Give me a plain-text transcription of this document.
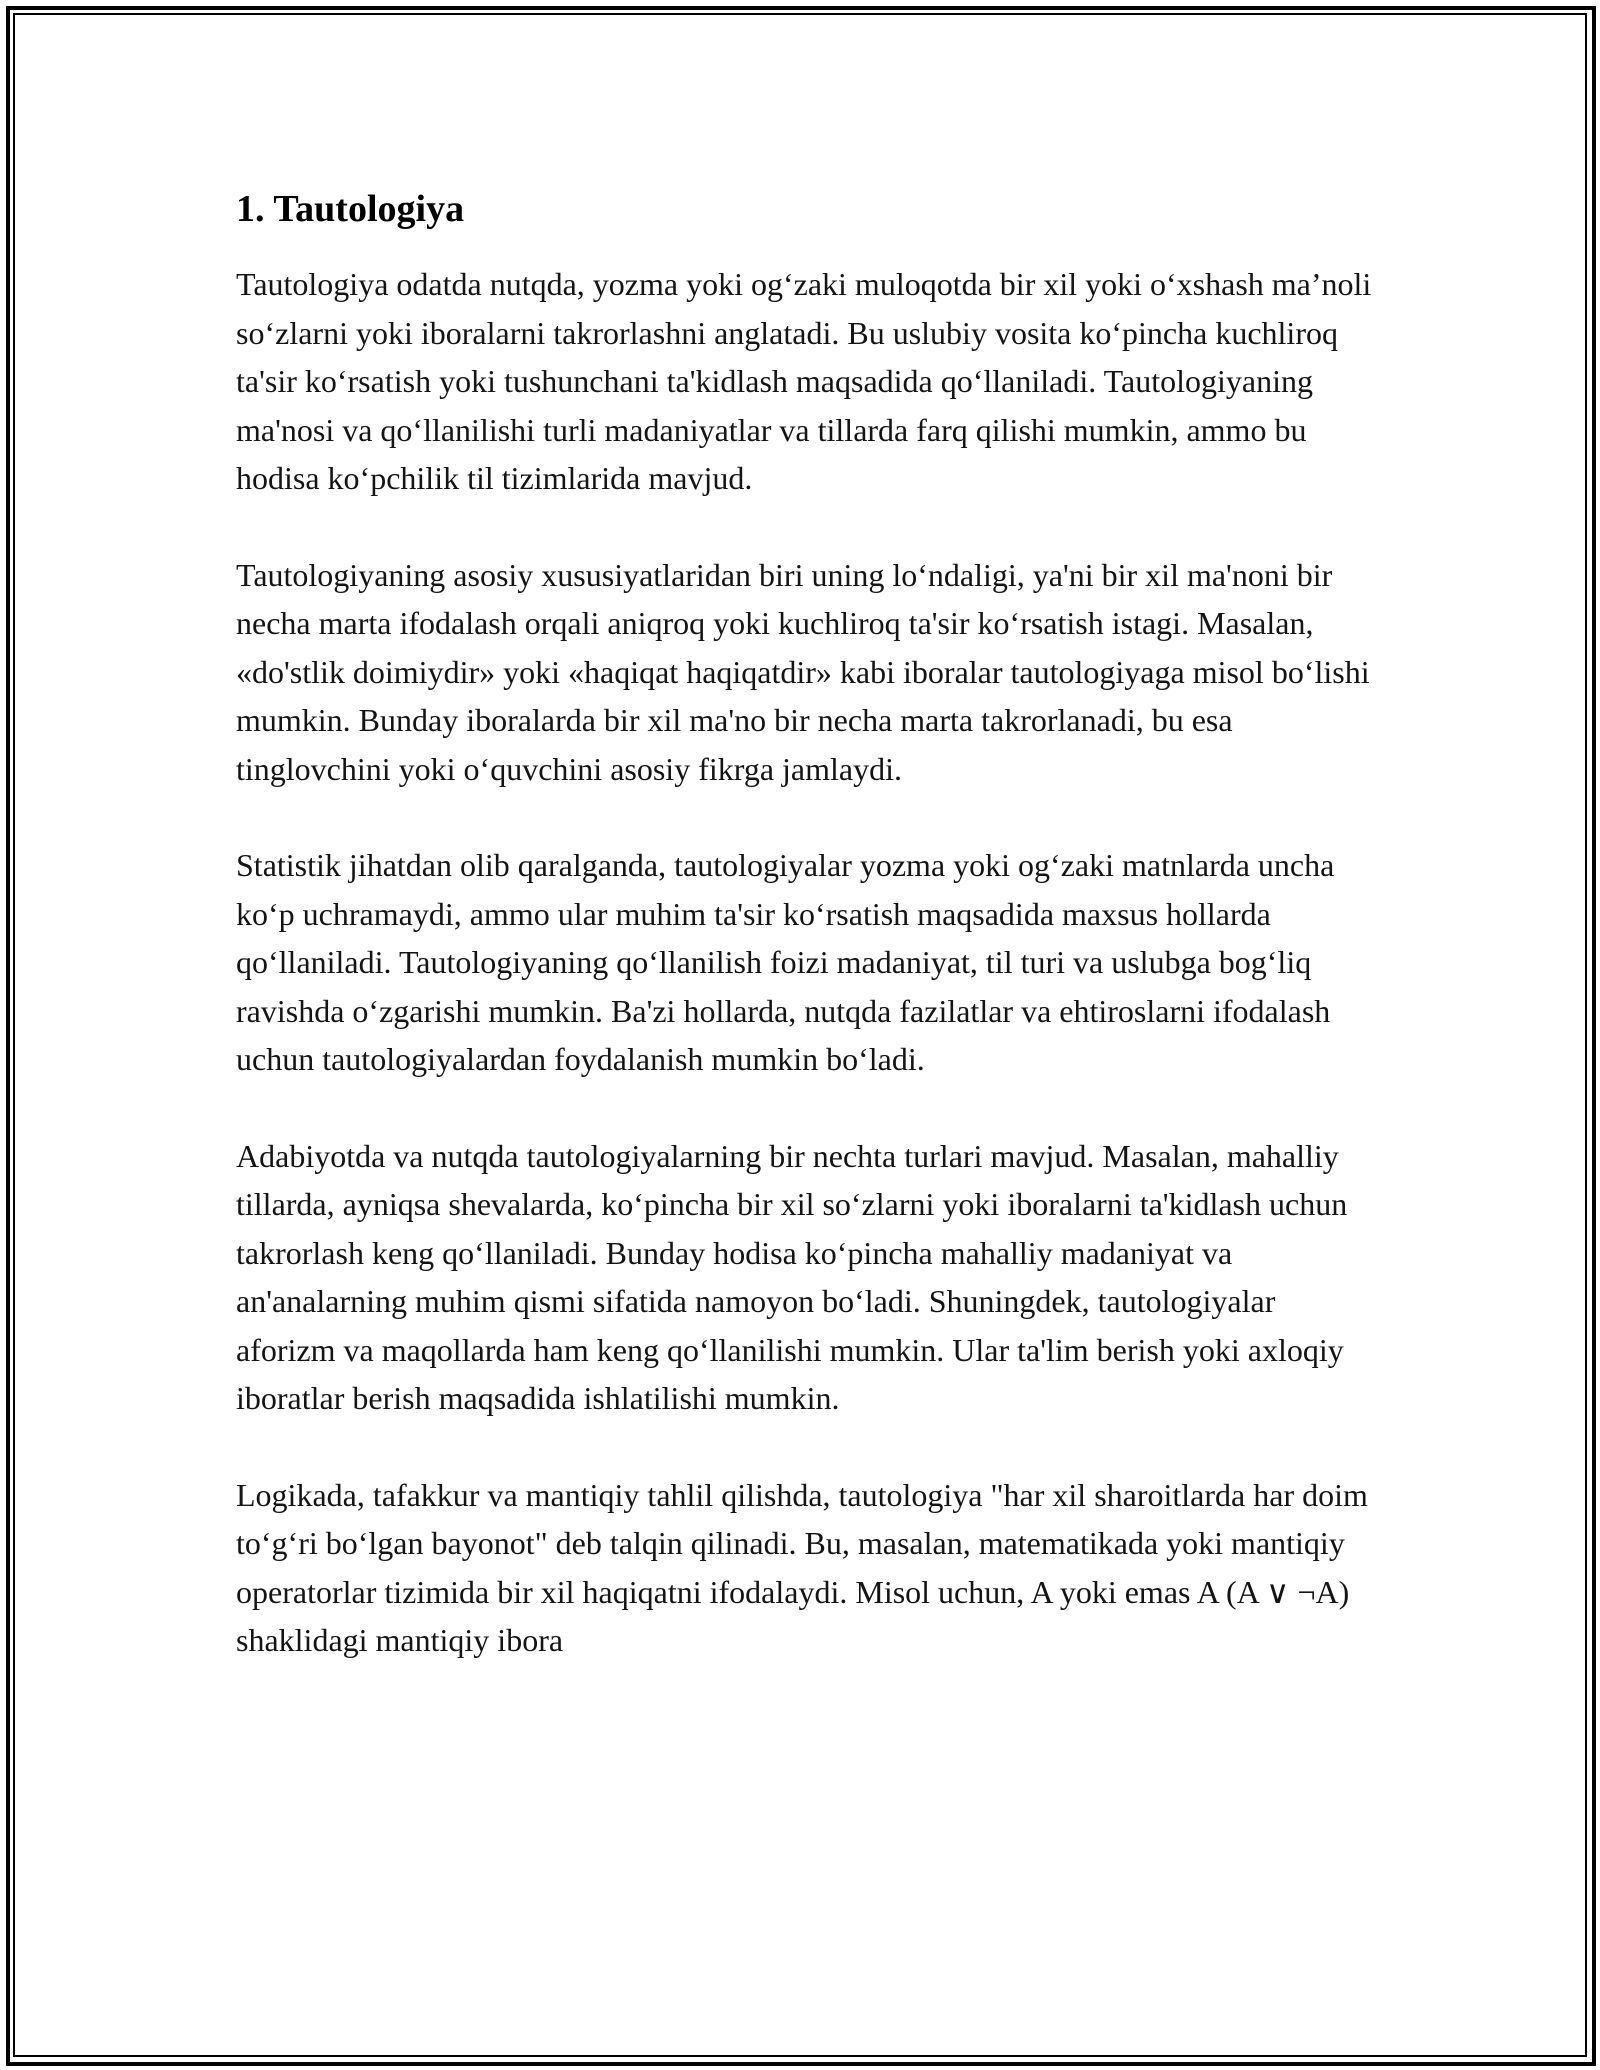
1. Tautologiya

Tautologiya odatda nutqda, yozma yoki og‘zaki muloqotda bir xil yoki o‘xshash ma’noli so‘zlarni yoki iboralarni takrorlashni anglatadi. Bu uslubiy vosita ko‘pincha kuchliroq ta'sir ko‘rsatish yoki tushunchani ta'kidlash maqsadida qo‘llaniladi. Tautologiyaning ma'nosi va qo‘llanilishi turli madaniyatlar va tillarda farq qilishi mumkin, ammo bu hodisa ko‘pchilik til tizimlarida mavjud.

Tautologiyaning asosiy xususiyatlaridan biri uning lo‘ndaligi, ya'ni bir xil ma'noni bir necha marta ifodalash orqali aniqroq yoki kuchliroq ta'sir ko‘rsatish istagi. Masalan, «do'stlik doimiydir» yoki «haqiqat haqiqatdir» kabi iboralar tautologiyaga misol bo‘lishi mumkin. Bunday iboralarda bir xil ma'no bir necha marta takrorlanadi, bu esa tinglovchini yoki o‘quvchini asosiy fikrga jamlaydi.

Statistik jihatdan olib qaralganda, tautologiyalar yozma yoki og‘zaki matnlarda uncha ko‘p uchramaydi, ammo ular muhim ta'sir ko‘rsatish maqsadida maxsus hollarda qo‘llaniladi. Tautologiyaning qo‘llanilish foizi madaniyat, til turi va uslubga bog‘liq ravishda o‘zgarishi mumkin. Ba'zi hollarda, nutqda fazilatlar va ehtiroslarni ifodalash uchun tautologiyalardan foydalanish mumkin bo‘ladi.

Adabiyotda va nutqda tautologiyalarning bir nechta turlari mavjud. Masalan, mahalliy tillarda, ayniqsa shevalarda, ko‘pincha bir xil so‘zlarni yoki iboralarni ta'kidlash uchun takrorlash keng qo‘llaniladi. Bunday hodisa ko‘pincha mahalliy madaniyat va an'analarning muhim qismi sifatida namoyon bo‘ladi. Shuningdek, tautologiyalar aforizm va maqollarda ham keng qo‘llanilishi mumkin. Ular ta'lim berish yoki axloqiy iboratlar berish maqsadida ishlatilishi mumkin.

Logikada, tafakkur va mantiqiy tahlil qilishda, tautologiya "har xil sharoitlarda har doim to‘g‘ri bo‘lgan bayonot" deb talqin qilinadi. Bu, masalan, matematikada yoki mantiqiy operatorlar tizimida bir xil haqiqatni ifodalaydi. Misol uchun, A yoki emas A (A ∨ ¬A) shaklidagi mantiqiy ibora
